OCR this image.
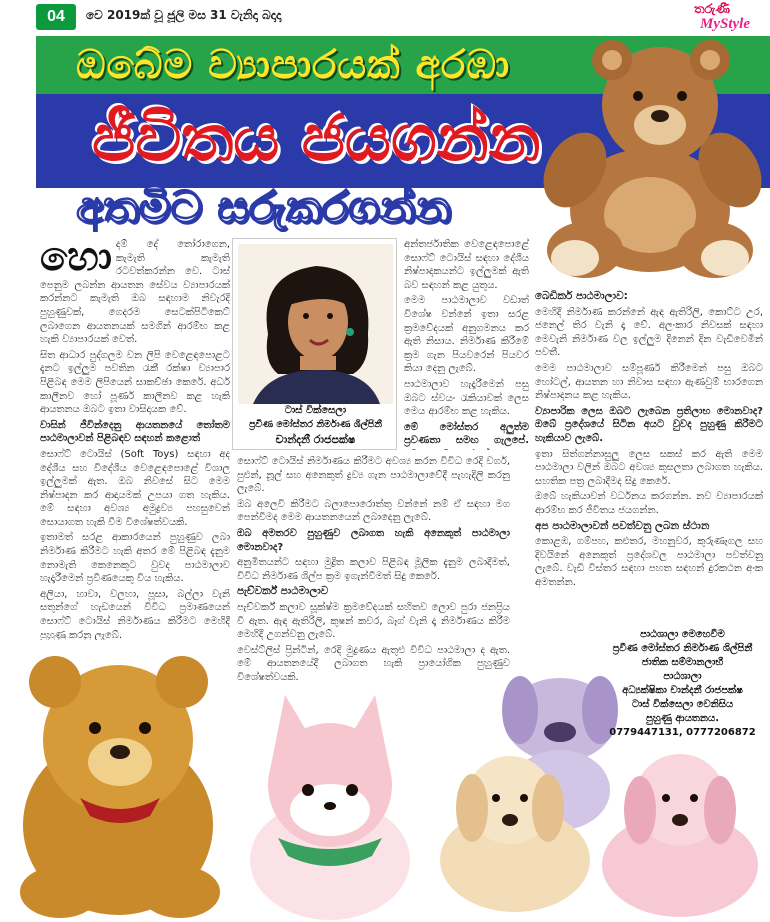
04	වෙ 2019ක් වූ ජූලි මස 31 වැනිදා බදාදා	තරුණී
MyStyle
ඔබේම ව්‍යාපාරයක් අරඹා
ජීවිතය ජයගන්න
අතමිට සරුකරගන්න
හො දම් දේ තෝරාගෙන, කැමැති කැමැති රටවත්කරන්න වෙ. ටාස් පෙනුම ලබන්න ආයතන සේවය ව්‍යාපාරයක් කරන්නට කැමැති ඔබ සඳහාම නිවැරදි පුහුණුවක්, ගෙදරම සෙටක්පිටිකෙට් ලබාගෙන ආයතනයක් සමගින් ආරම්භ කළ හැකි ව්‍යාපාරයක් වෙත්.

සිත ආධාර පුද්ගලම වන ලිපි වෙළෙඳපොළට දැනට ඉල්ලුම පවතින රැකී රක්ෂා ව්‍යාපාර පිළිබඳ මෙම ලිපියෙන් සාකච්ඡා කෙරේ. අර්ධ කාලීනව හෝ පූර්ණ කාලීනව කළ හැකි ආයතනය ඔබට ඉතා වාසිදායක වේ.

වාසින් ජීවින්දෙනු ආයතනයේ තෝතම පාඨමාලාවන් පිළිබඳව සඳහන් කළොත්

සොෆ්ට් ටොයිස් (Soft Toys) සඳහා අද දේශීය සහ විදේශීය වෙළෙඳපොළේ විශාල ඉල්ලුමක් ඇත. ඔබ නිවසේ සිට මෙම නිෂ්පාදන කර ආදායමක් උපයා ගත හැකිය. මේ සඳහා අවශ්‍ය අමුද්‍රව්‍ය පහසුවෙන් සොයාගත හැකි වීම විශේෂත්වයකි.

ඉතාමත් සරළ ආකාරයෙන් පුහුණුව ලබා නිර්මාණ කිරීමට හැකි අතර මේ පිළිබඳ දැනුම නොමැති කෙනෙකුට වුවද පාඨමාලාව හැදෑරීමෙන් ප්‍රවීණයෙකු විය හැකිය.

අලියා, හාවා, වලහා, පූසා, බල්ලා වැනි සතුන්ගේ හැඩයෙන් විවිධ ප්‍රමාණයෙන් සොෆ්ට් ටොයිස් නිර්මාණය කිරීමට මෙහිදී පුහුණු කරනු ලැබේ.

ටාස් වික්සෙලා
ප්‍රවීණ මෝස්තර නිර්මාණ ශිල්පිනී
චාන්දනී රාජපක්ෂ

අන්තර්ජාතික වෙළෙඳපොළේ සොෆ්ට් ටොයිස් සඳහා දේශීය නිෂ්පාදකයන්ට ඉල්ලුමක් ඇති බව සඳහන් කළ යුතුය.

මෙම පාඨමාලාව වඩාත් විශේෂ වන්නේ ඉතා සරළ ක්‍රමවේදයක් අනුගමනය කර ඇති නිසාය. නිර්මාණ කිරීමේ ක්‍රම ගැන පියවරෙන් පියවර කියා දෙනු ලැබේ.

පාඨමාලාව හැදෑරීමෙන් පසු ඔබට ස්වයං රැකියාවක් ලෙස මෙය ආරම්භ කළ හැකිය.

මේ මෝස්තර අලුත්ම ප්‍රවණතා සමඟ ගැලපේ.

සොෆ්ට් ටොයිස් නිර්මාණය කිරීමට අවශ්‍ය කරන විවිධ රෙදි වර්ග, පුළුන්, නූල් සහ අනෙකුත් ද්‍රව්‍ය ගැන පාඨමාලාවේදී පැහැදිලි කරනු ලැබේ.

ඔබ අලෙවි කිරීමට බලාපොරොත්තු වන්නේ නම් ඒ සඳහා මග පෙන්වීමද මෙම ආයතනයෙන් ලබාදෙනු ලැබේ.

ඔබ අමතරව පුහුණුව ලබාගත හැකි අනෙකුත් පාඨමාලා මොනවාද?

අනුමිතයන්ට සඳහා මුද්‍රිත කලාව පිළිබඳ මූලික දැනුම ලබාදීමත්, විවිධ නිර්මාණ ශිල්ප ක්‍රම ඉගැන්වීමත් සිදු කෙරේ.

පැච්වර්ක් පාඨමාලාව

පැච්වර්ක් කලාව සූක්ෂ්ම ක්‍රමවේදයක් සහිතව ලොව පුරා ජනප්‍රිය වී ඇත. ඇඳ ඇතිරිලි, කුෂන් කවර, බෑග් වැනි දෑ නිර්මාණය කිරීම මෙහිදී උගන්වනු ලැබේ.

වෙස්ට්ලිස් ප්‍රින්ටින්, රෙදි මුද්‍රණය ඇතුළු විවිධ පාඨමාලා ද ඇත. මේ ආයතනයේදී ලබාගත හැකි ප්‍රායෝගික පුහුණුව විශේෂත්වයකි.

බෙඩිකර් පාඨමාලාව:

මෙහිදී නිර්මාණ කරන්නේ ඇඳ ඇතිරිලි, කොට්ට උර, ජනෙල් තිර වැනි දෑ වේ. අලංකාර නිවසක් සඳහා මෙවැනි නිර්මාණ වල ඉල්ලුම දිනෙන් දින වැඩිවෙමින් පවතී.

මෙම පාඨමාලාව සම්පූර්ණ කිරීමෙන් පසු ඔබට හෝටල්, ආයතන හා නිවාස සඳහා ඇණවුම් භාරගෙන නිෂ්පාදනය කළ හැකිය.

ව්‍යාපාරික ලෙස ඔබට ලැබෙන ප්‍රතිලාභ මොනවාද? ඔබේ ප්‍රදේශයේ සිටින අයට වුවද පුහුණු කිරීමට හැකියාව ලැබේ.

ඉතා සිත්ගන්නාසුලු ලෙස සකස් කර ඇති මෙම පාඨමාලා වලින් ඔබට අවශ්‍ය කුසලතා ලබාගත හැකිය. සහතික පත්‍ර ලබාදීමද සිදු කෙරේ.

ඔබේ හැකියාවන් වර්ධනය කරගන්න. නව ව්‍යාපාරයක් ආරම්භ කර ජීවිතය ජයගන්න.

අප පාඨමාලාවන් පවත්වනු ලබන ස්ථාන

කොළඹ, ගම්පහ, කළුතර, මහනුවර, කුරුණෑගල සහ දිවයිනේ අනෙකුත් ප්‍රදේශවල පාඨමාලා පවත්වනු ලැබේ. වැඩි විස්තර සඳහා පහත සඳහන් දුරකථන අංක අමතන්න.

පාඨශාලා මෙහෙවීම
ප්‍රවීණ මෝස්තර නිර්මාණ ශිල්පිනී
ජාතික සම්මානලාභී
පාඨශාලා
අධ්‍යක්ෂිකා චාන්දනී රාජපක්ෂ
ටාස් වික්සෙලා වෙනිසිය
පුහුණු ආයතනය.
0779447131, 0777206872
